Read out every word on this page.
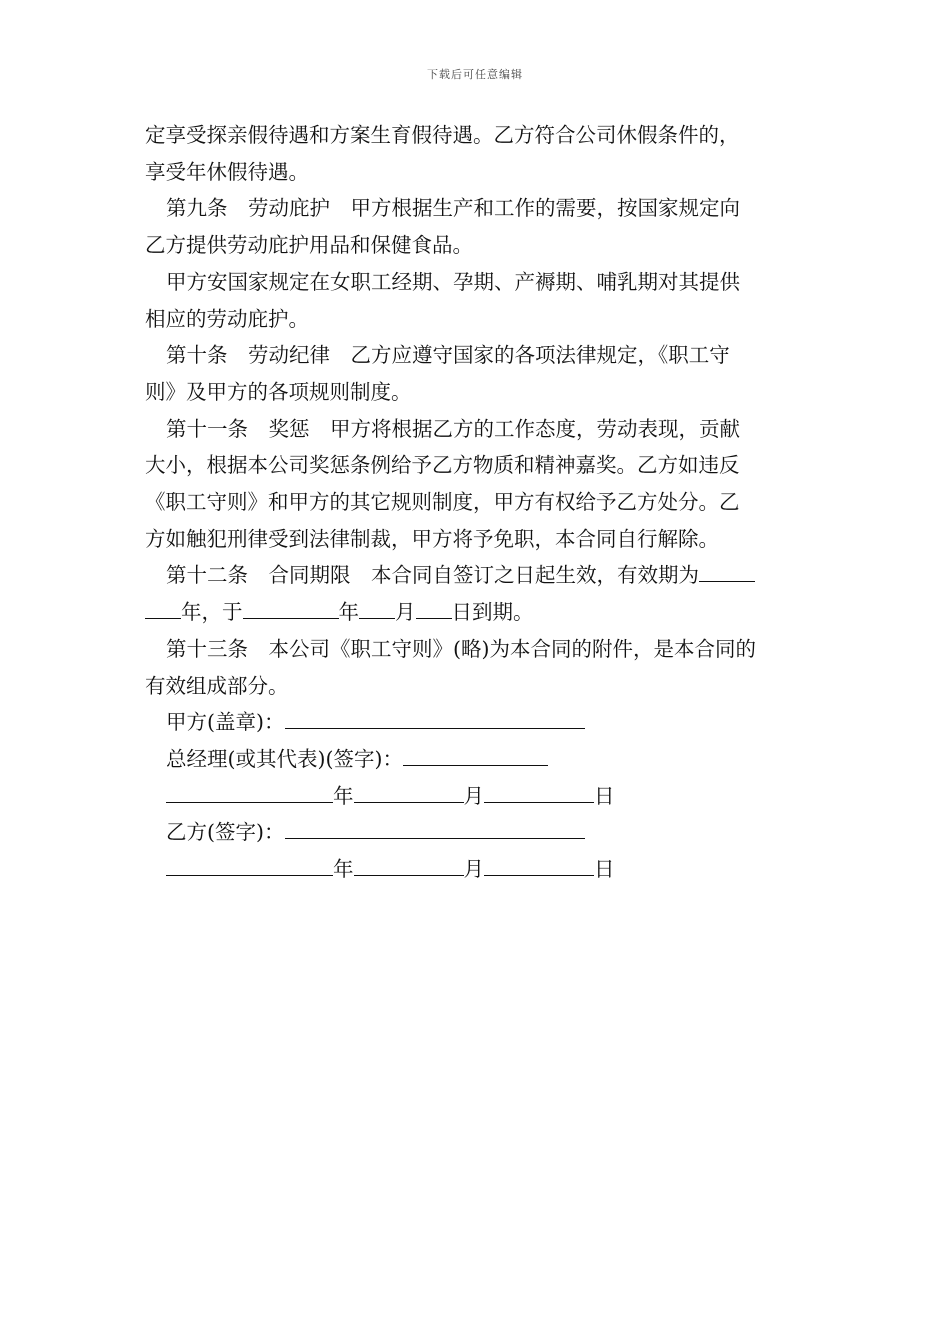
下载后可任意编辑

定享受探亲假待遇和方案生育假待遇。乙方符合公司休假条件的，
享受年休假待遇。

第九条　劳动庇护　甲方根据生产和工作的需要，按国家规定向

乙方提供劳动庇护用品和保健食品。

甲方安国家规定在女职工经期、孕期、产褥期、哺乳期对其提供

相应的劳动庇护。

第十条　劳动纪律　乙方应遵守国家的各项法律规定，《职工守

则》及甲方的各项规则制度。

第十一条　奖惩　甲方将根据乙方的工作态度，劳动表现，贡献

大小，根据本公司奖惩条例给予乙方物质和精神嘉奖。乙方如违反
《职工守则》和甲方的其它规则制度，甲方有权给予乙方处分。乙
方如触犯刑律受到法律制裁，甲方将予免职，本合同自行解除。

第十二条　合同期限　本合同自签订之日起生效，有效期为

年，于	年 月 日到期。

第十三条　本公司《职工守则》(略)为本合同的附件，是本合同的

有效组成部分。

甲方(盖章)：

总经理(或其代表)(签字)：

年	月	日

乙方(签字)：

年	月	日
